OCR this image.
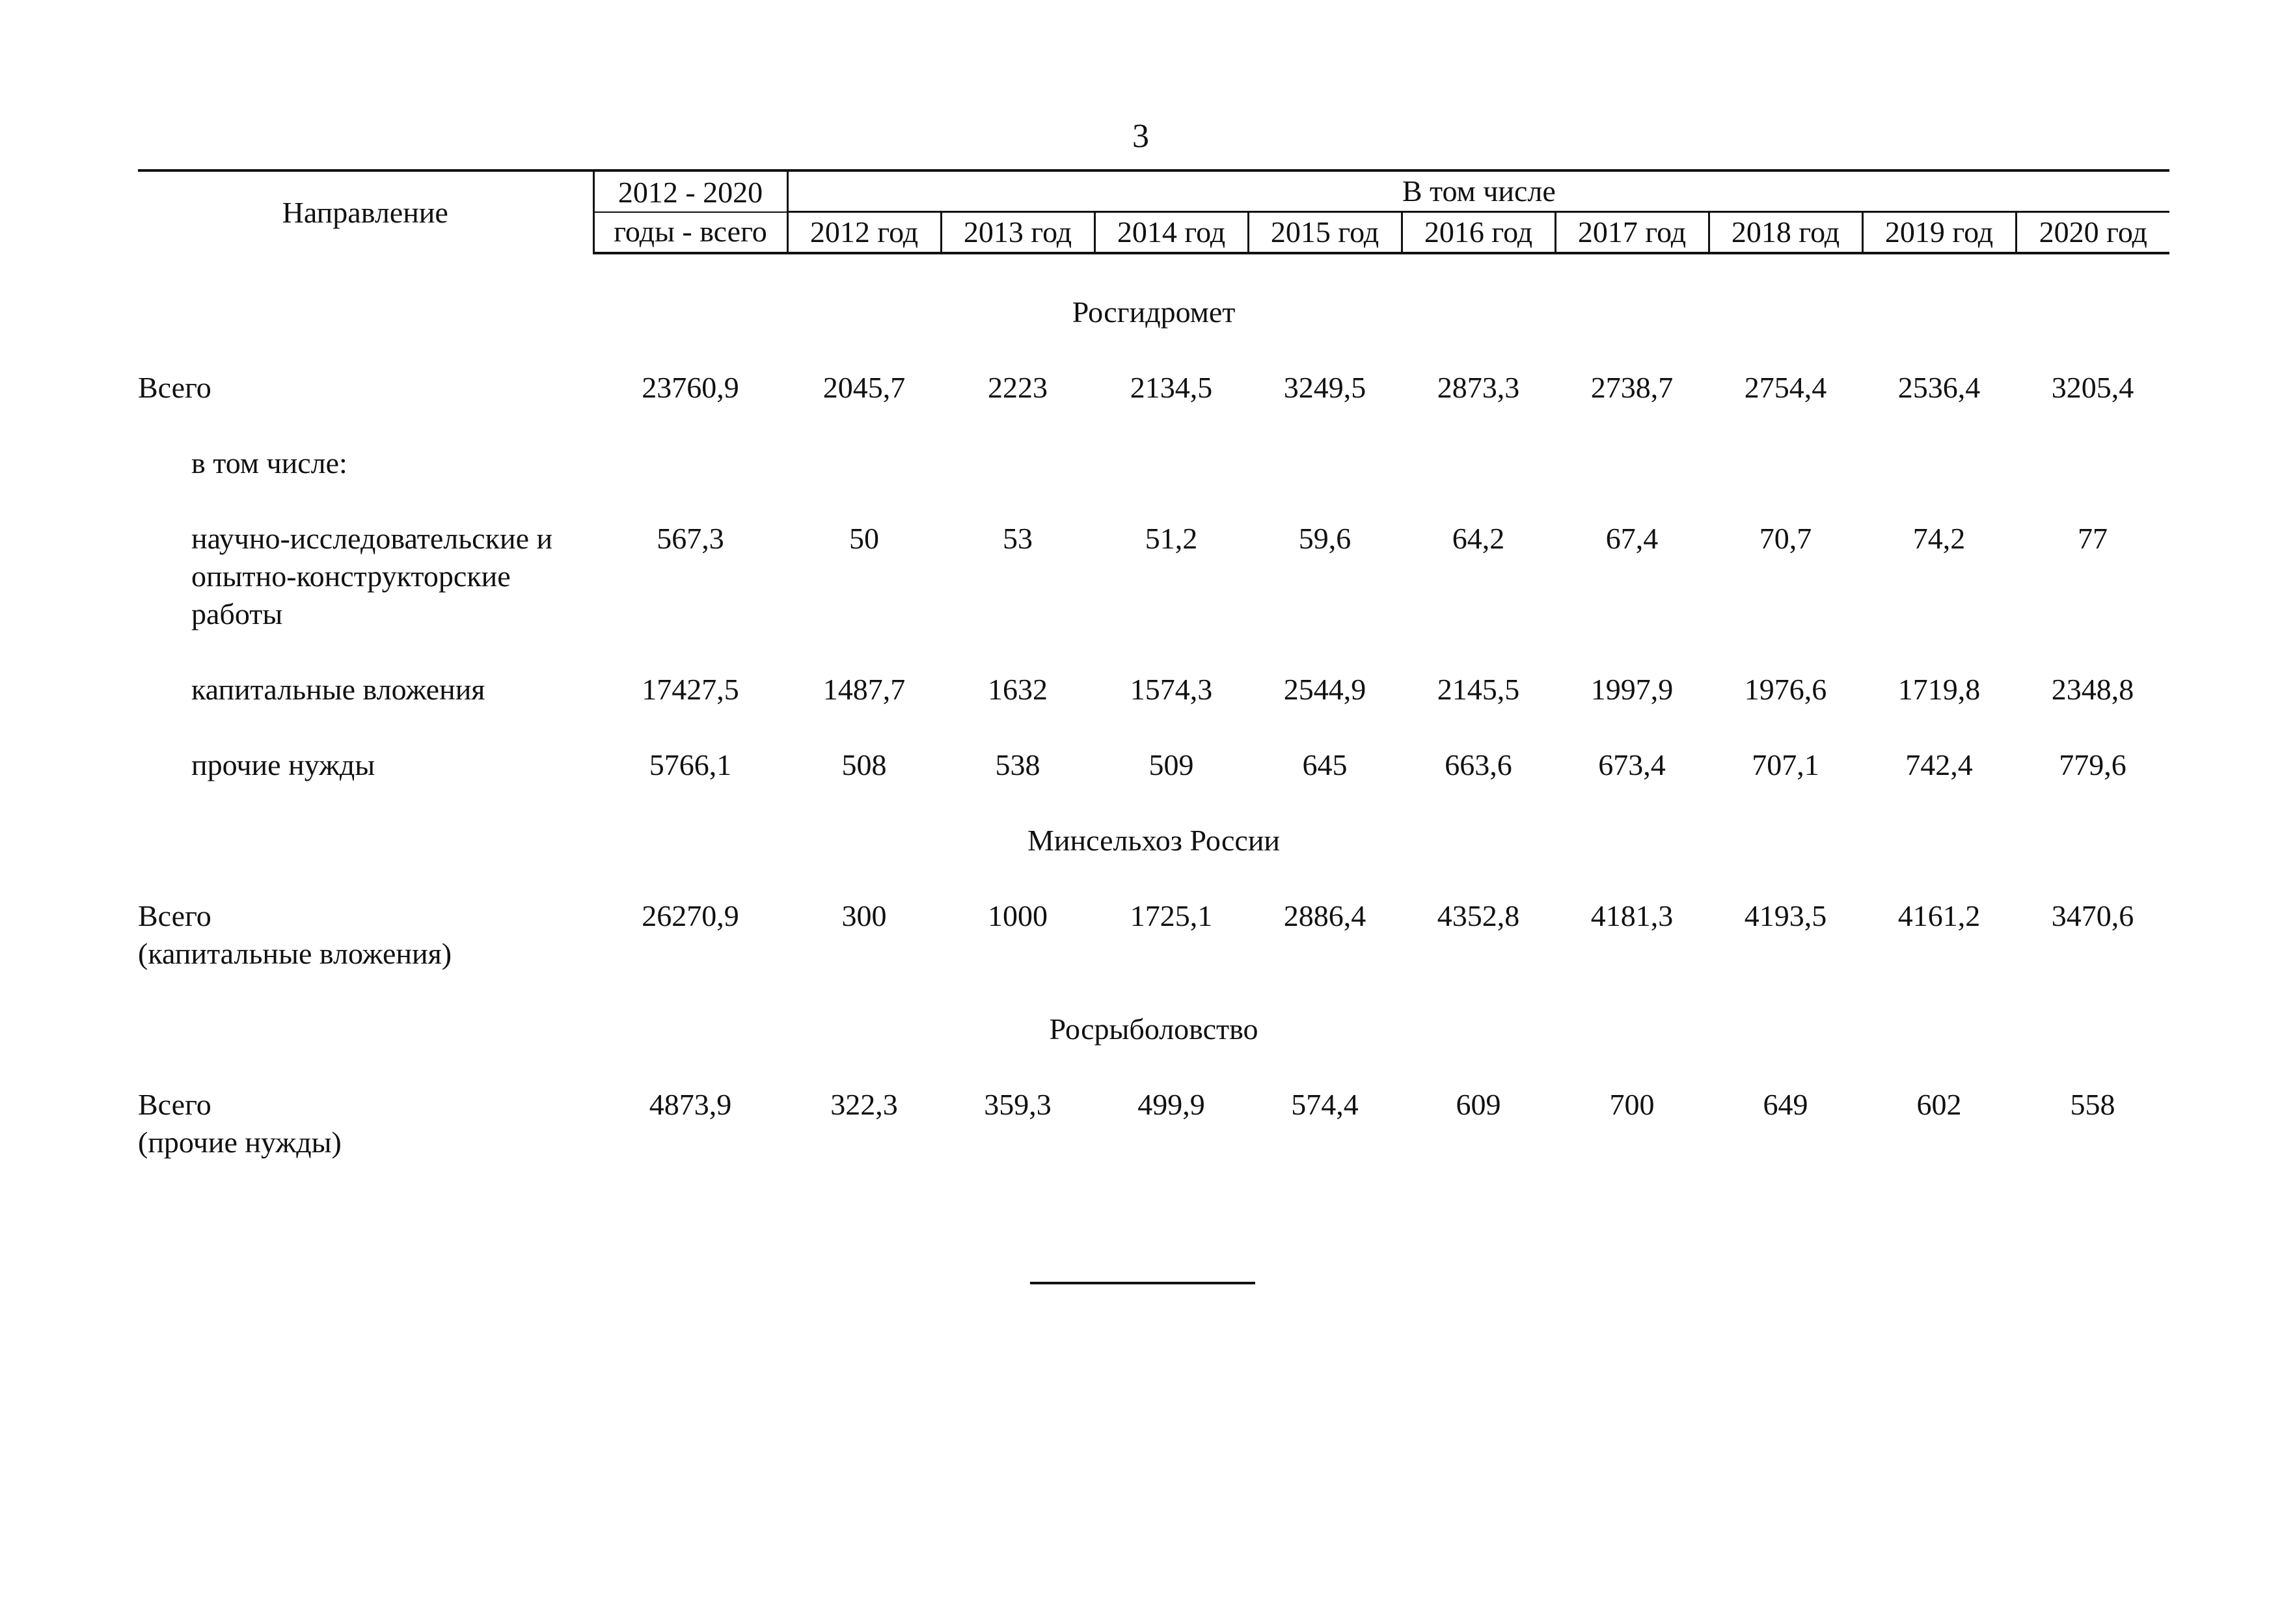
3
Направление	2012 - 2020	В том числе								
	годы - всего	2012 год	2013 год	2014 год	2015 год	2016 год	2017 год	2018 год	2019 год	2020 год

Росгидромет										

Всего	23760,9	2045,7	2223	2134,5	3249,5	2873,3	2738,7	2754,4	2536,4	3205,4

в том числе:										

научно-исследовательские и опытно-конструкторские работы	567,3	50	53	51,2	59,6	64,2	67,4	70,7	74,2	77

капитальные вложения	17427,5	1487,7	1632	1574,3	2544,9	2145,5	1997,9	1976,6	1719,8	2348,8

прочие нужды	5766,1	508	538	509	645	663,6	673,4	707,1	742,4	779,6

Минсельхоз России										

Всего
(капитальные вложения)	26270,9	300	1000	1725,1	2886,4	4352,8	4181,3	4193,5	4161,2	3470,6

Росрыболовство										

Всего
(прочие нужды)	4873,9	322,3	359,3	499,9	574,4	609	700	649	602	558
